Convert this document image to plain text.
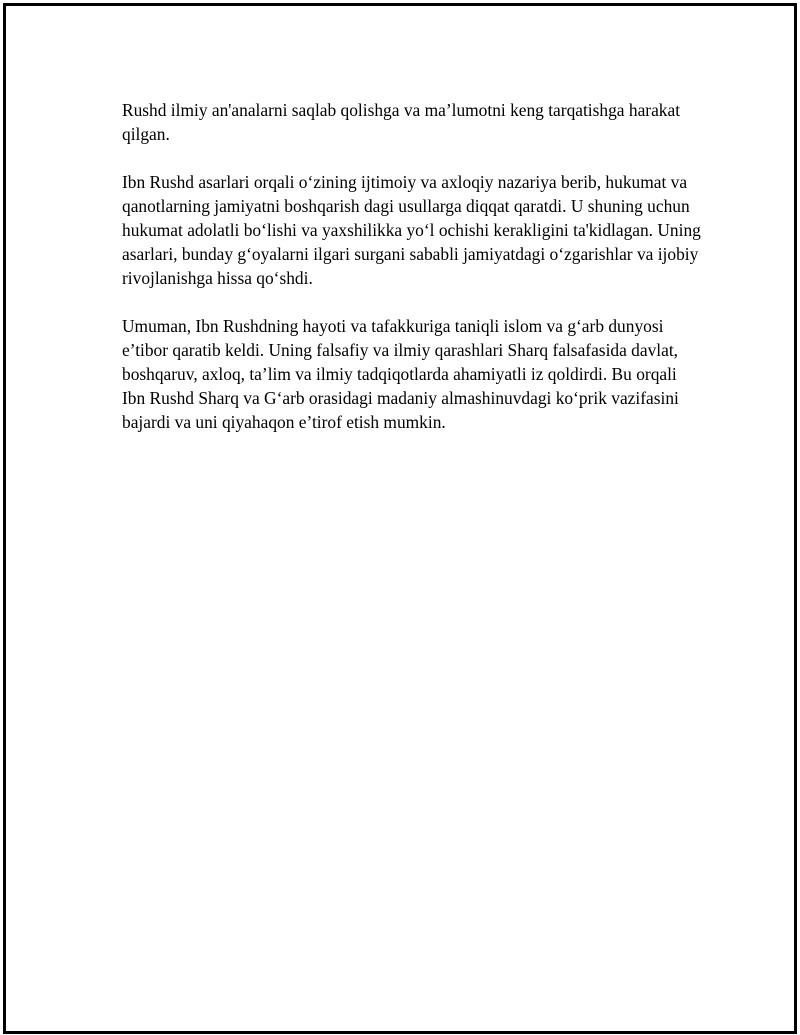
Rushd ilmiy an'analarni saqlab qolishga va ma’lumotni keng tarqatishga harakat qilgan.

Ibn Rushd asarlari orqali o‘zining ijtimoiy va axloqiy nazariya berib, hukumat va qanotlarning jamiyatni boshqarish dagi usullarga diqqat qaratdi. U shuning uchun hukumat adolatli bo‘lishi va yaxshilikka yo‘l ochishi kerakligini ta'kidlagan. Uning asarlari, bunday g‘oyalarni ilgari surgani sababli jamiyatdagi o‘zgarishlar va ijobiy rivojlanishga hissa qo‘shdi.

Umuman, Ibn Rushdning hayoti va tafakkuriga taniqli islom va g‘arb dunyosi e’tibor qaratib keldi. Uning falsafiy va ilmiy qarashlari Sharq falsafasida davlat, boshqaruv, axloq, ta’lim va ilmiy tadqiqotlarda ahamiyatli iz qoldirdi. Bu orqali Ibn Rushd Sharq va G‘arb orasidagi madaniy almashinuvdagi ko‘prik vazifasini bajardi va uni qiyahaqon e’tirof etish mumkin.
